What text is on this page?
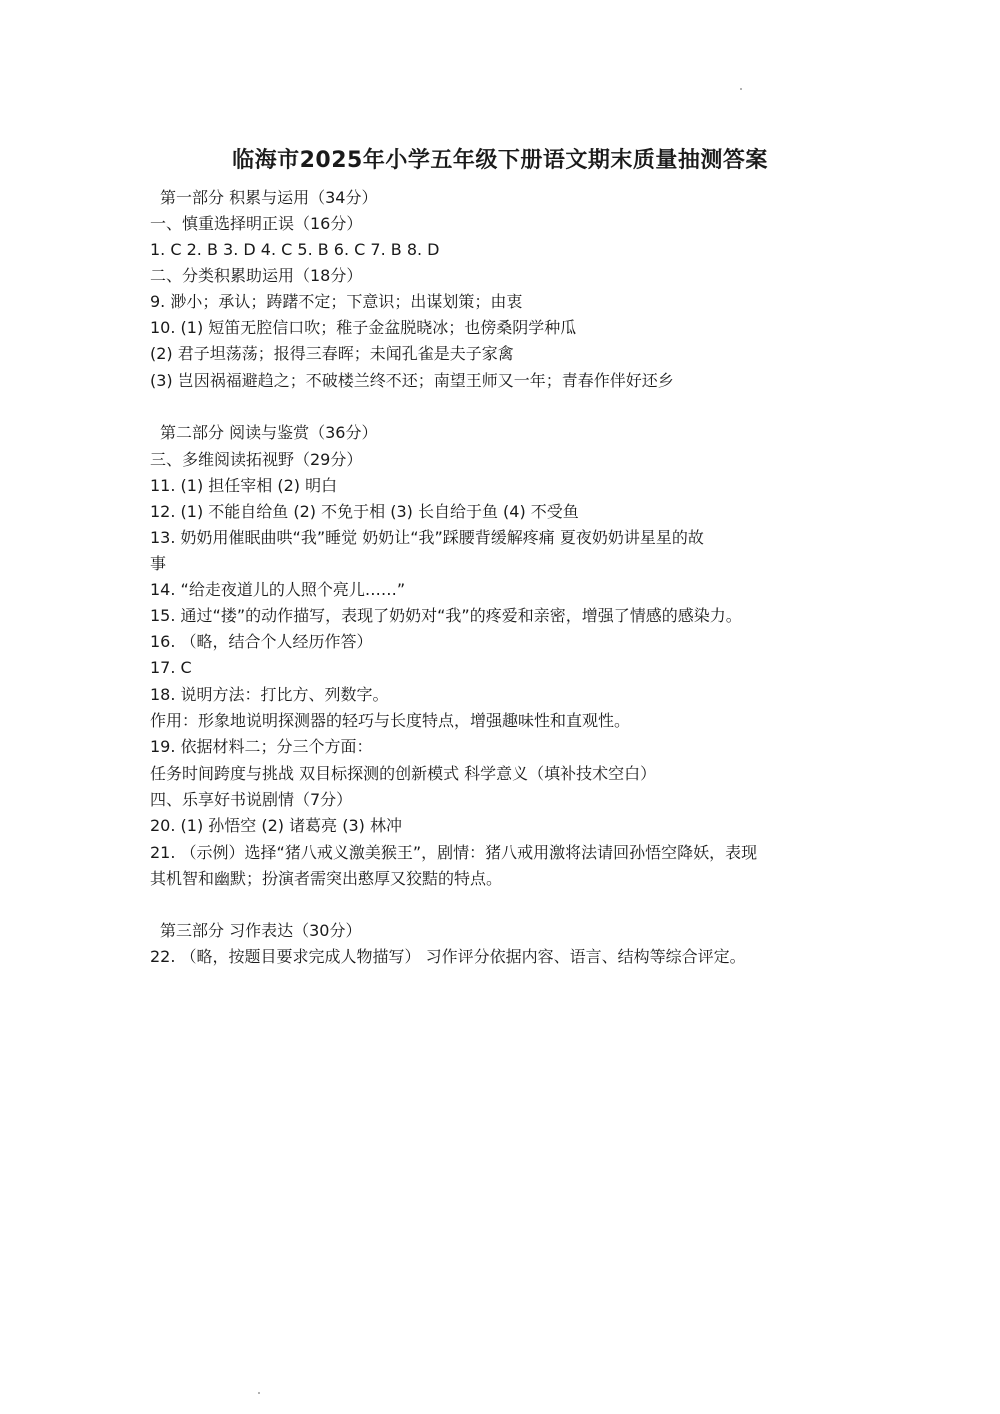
临海市2025年小学五年级下册语文期末质量抽测答案
第一部分 积累与运用（34分）
一、慎重选择明正误（16分）
1. C 2. B 3. D 4. C 5. B 6. C 7. B 8. D
二、分类积累助运用（18分）
9. 渺小；承认；踌躇不定；下意识；出谋划策；由衷
10. (1) 短笛无腔信口吹；稚子金盆脱晓冰；也傍桑阴学种瓜
(2) 君子坦荡荡；报得三春晖；未闻孔雀是夫子家禽
(3) 岂因祸福避趋之；不破楼兰终不还；南望王师又一年；青春作伴好还乡
第二部分 阅读与鉴赏（36分）
三、多维阅读拓视野（29分）
11. (1) 担任宰相 (2) 明白
12. (1) 不能自给鱼 (2) 不免于相 (3) 长自给于鱼 (4) 不受鱼
13. 奶奶用催眠曲哄“我”睡觉 奶奶让“我”踩腰背缓解疼痛 夏夜奶奶讲星星的故
事
14. “给走夜道儿的人照个亮儿……”
15. 通过“搂”的动作描写，表现了奶奶对“我”的疼爱和亲密，增强了情感的感染力。
16. （略，结合个人经历作答）
17. C
18. 说明方法：打比方、列数字。
作用：形象地说明探测器的轻巧与长度特点，增强趣味性和直观性。
19. 依据材料二；分三个方面：
任务时间跨度与挑战 双目标探测的创新模式 科学意义（填补技术空白）
四、乐享好书说剧情（7分）
20. (1) 孙悟空 (2) 诸葛亮 (3) 林冲
21. （示例）选择“猪八戒义激美猴王”，剧情：猪八戒用激将法请回孙悟空降妖，表现
其机智和幽默；扮演者需突出憨厚又狡黠的特点。
第三部分 习作表达（30分）
22. （略，按题目要求完成人物描写） 习作评分依据内容、语言、结构等综合评定。
